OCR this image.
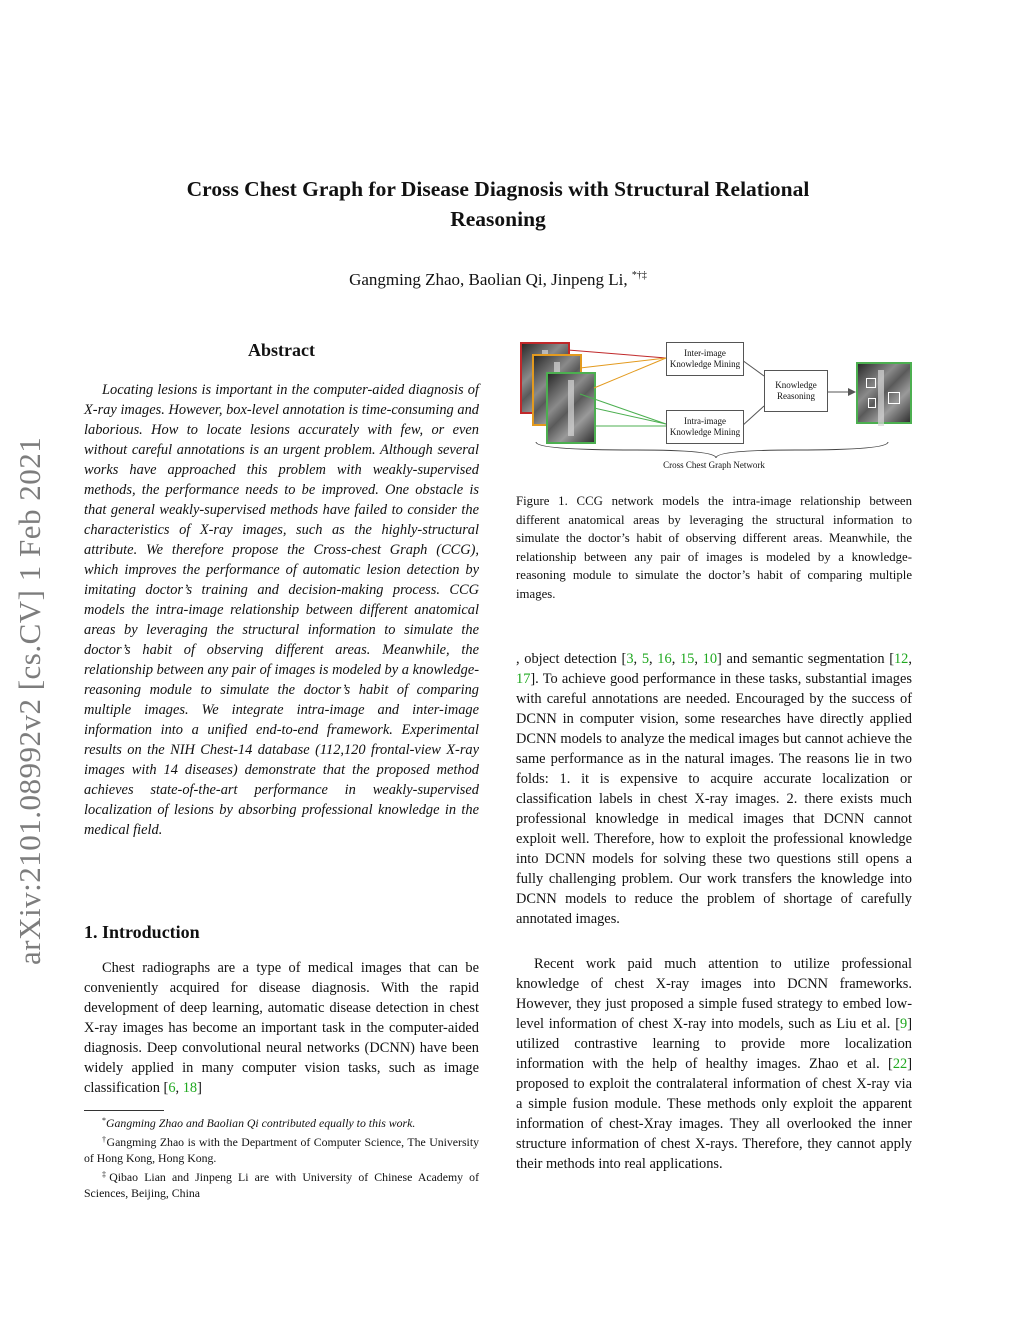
arXiv:2101.08992v2 [cs.CV] 1 Feb 2021
Cross Chest Graph for Disease Diagnosis with Structural Relational Reasoning
Gangming Zhao, Baolian Qi, Jinpeng Li, *†‡
Abstract

Locating lesions is important in the computer-aided diagnosis of X-ray images. However, box-level annotation is time-consuming and laborious. How to locate lesions accurately with few, or even without careful annotations is an urgent problem. Although several works have approached this problem with weakly-supervised methods, the performance needs to be improved. One obstacle is that general weakly-supervised methods have failed to consider the characteristics of X-ray images, such as the highly-structural attribute. We therefore propose the Cross-chest Graph (CCG), which improves the performance of automatic lesion detection by imitating doctor’s training and decision-making process. CCG models the intra-image relationship between different anatomical areas by leveraging the structural information to simulate the doctor’s habit of observing different areas. Meanwhile, the relationship between any pair of images is modeled by a knowledge-reasoning module to simulate the doctor’s habit of comparing multiple images. We integrate intra-image and inter-image information into a unified end-to-end framework. Experimental results on the NIH Chest-14 database (112,120 frontal-view X-ray images with 14 diseases) demonstrate that the proposed method achieves state-of-the-art performance in weakly-supervised localization of lesions by absorbing professional knowledge in the medical field.

1. Introduction

Chest radiographs are a type of medical images that can be conveniently acquired for disease diagnosis. With the rapid development of deep learning, automatic disease detection in chest X-ray images has become an important task in the computer-aided diagnosis. Deep convolutional neural networks (DCNN) have been widely applied in many computer vision tasks, such as image classification [6, 18]

*Gangming Zhao and Baolian Qi contributed equally to this work.

†Gangming Zhao is with the Department of Computer Science, The University of Hong Kong, Hong Kong.

‡Qibao Lian and Jinpeng Li are with University of Chinese Academy of Sciences, Beijing, China

Inter-image Knowledge Mining
Intra-image Knowledge Mining
Knowledge Reasoning
Cross Chest Graph Network

Figure 1. CCG network models the intra-image relationship between different anatomical areas by leveraging the structural information to simulate the doctor’s habit of observing different areas. Meanwhile, the relationship between any pair of images is modeled by a knowledge-reasoning module to simulate the doctor’s habit of comparing multiple images.

, object detection [3, 5, 16, 15, 10] and semantic segmentation [12, 17]. To achieve good performance in these tasks, substantial images with careful annotations are needed. Encouraged by the success of DCNN in computer vision, some researches have directly applied DCNN models to analyze the medical images but cannot achieve the same performance as in the natural images. The reasons lie in two folds: 1. it is expensive to acquire accurate localization or classification labels in chest X-ray images. 2. there exists much professional knowledge in medical images that DCNN cannot exploit well. Therefore, how to exploit the professional knowledge into DCNN models for solving these two questions still opens a fully challenging problem. Our work transfers the knowledge into DCNN models to reduce the problem of shortage of carefully annotated images.

Recent work paid much attention to utilize professional knowledge of chest X-ray images into DCNN frameworks. However, they just proposed a simple fused strategy to embed low-level information of chest X-ray into models, such as Liu et al. [9] utilized contrastive learning to provide more localization information with the help of healthy images. Zhao et al. [22] proposed to exploit the contralateral information of chest X-ray via a simple fusion module. These methods only exploit the apparent information of chest-Xray images. They all overlooked the inner structure information of chest X-rays. Therefore, they cannot apply their methods into real applications.
